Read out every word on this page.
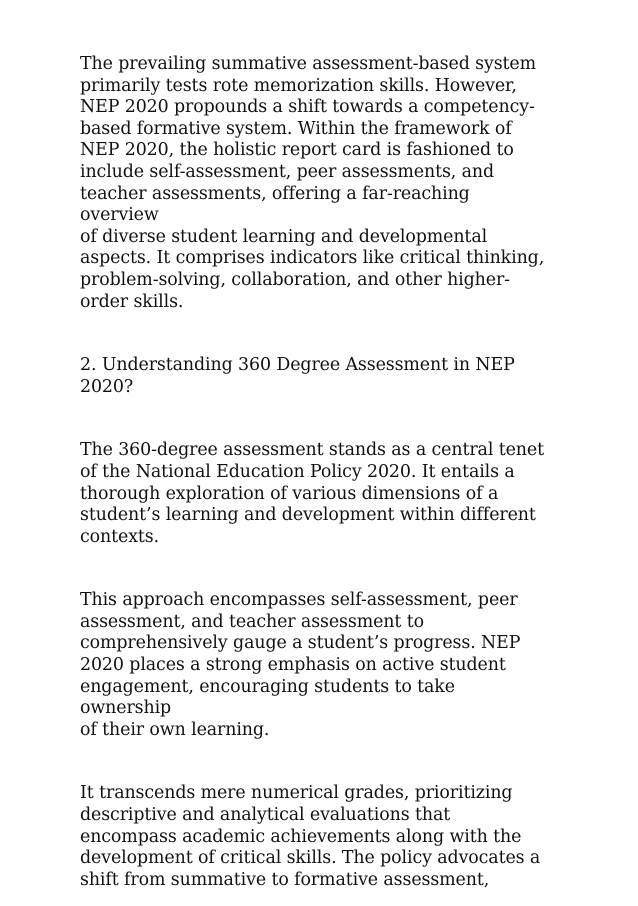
The prevailing summative assessment-based system
primarily tests rote memorization skills. However,
NEP 2020 propounds a shift towards a competency-
based formative system. Within the framework of
NEP 2020, the holistic report card is fashioned to
include self-assessment, peer assessments, and
teacher assessments, offering a far-reaching overview
of diverse student learning and developmental
aspects. It comprises indicators like critical thinking,
problem-solving, collaboration, and other higher-
order skills.

2. Understanding 360 Degree Assessment in NEP
2020?

The 360-degree assessment stands as a central tenet
of the National Education Policy 2020. It entails a
thorough exploration of various dimensions of a
student’s learning and development within different
contexts.

This approach encompasses self-assessment, peer
assessment, and teacher assessment to
comprehensively gauge a student’s progress. NEP
2020 places a strong emphasis on active student
engagement, encouraging students to take ownership
of their own learning.

It transcends mere numerical grades, prioritizing
descriptive and analytical evaluations that
encompass academic achievements along with the
development of critical skills. The policy advocates a
shift from summative to formative assessment,
